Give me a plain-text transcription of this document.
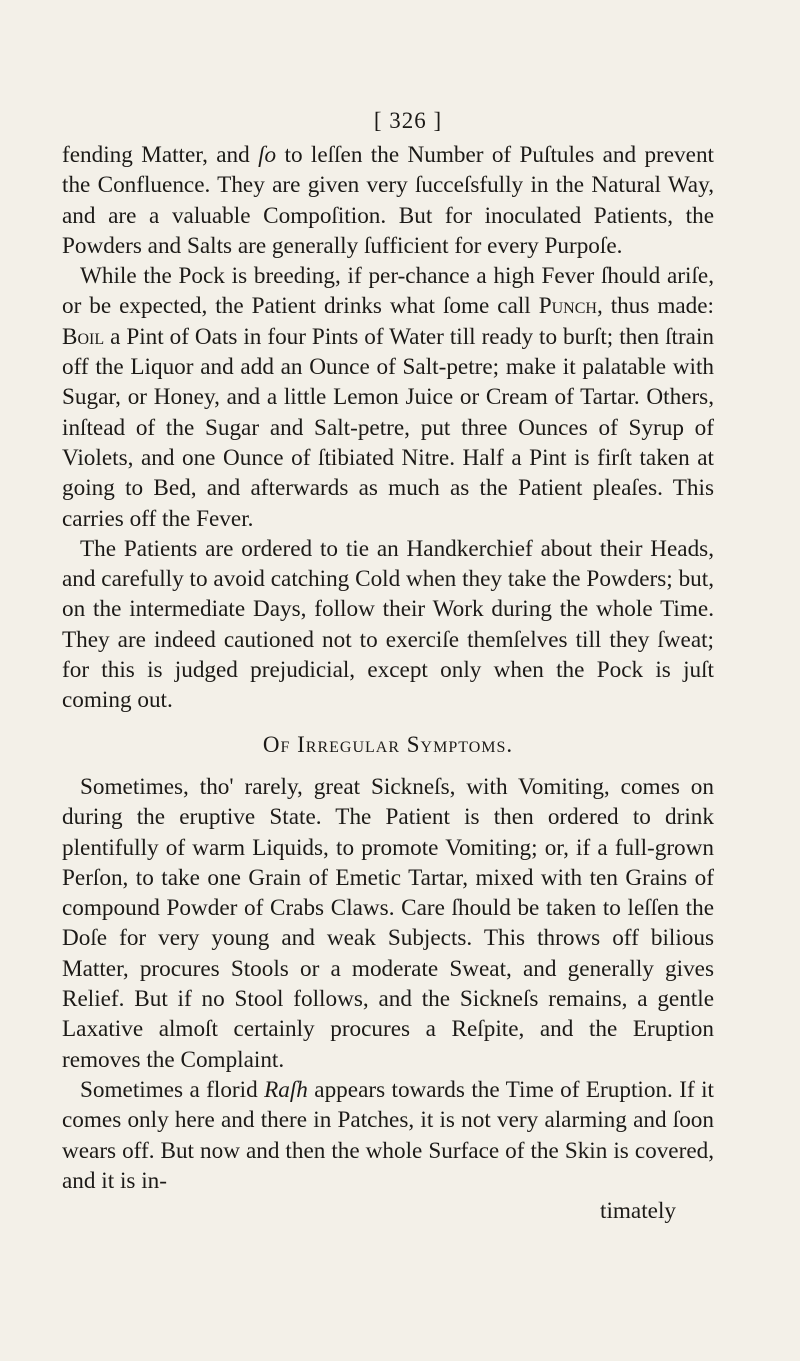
[ 326 ]

fending Matter, and ſo to leſſen the Number of Puſtules and prevent the Confluence. They are given very ſucceſsfully in the Natural Way, and are a valuable Compoſition. But for inoculated Patients, the Powders and Salts are generally ſufficient for every Purpoſe.

While the Pock is breeding, if per-chance a high Fever ſhould ariſe, or be expected, the Patient drinks what ſome call Punch, thus made: Boil a Pint of Oats in four Pints of Water till ready to burſt; then ſtrain off the Liquor and add an Ounce of Salt-petre; make it palatable with Sugar, or Honey, and a little Lemon Juice or Cream of Tartar. Others, inſtead of the Sugar and Salt-petre, put three Ounces of Syrup of Violets, and one Ounce of ſtibiated Nitre. Half a Pint is firſt taken at going to Bed, and afterwards as much as the Patient pleaſes. This carries off the Fever.

The Patients are ordered to tie an Handkerchief about their Heads, and carefully to avoid catching Cold when they take the Powders; but, on the intermediate Days, follow their Work during the whole Time. They are indeed cautioned not to exerciſe themſelves till they ſweat; for this is judged prejudicial, except only when the Pock is juſt coming out.

Of Irregular Symptoms.

Sometimes, tho' rarely, great Sickneſs, with Vomiting, comes on during the eruptive State. The Patient is then ordered to drink plentifully of warm Liquids, to promote Vomiting; or, if a full-grown Perſon, to take one Grain of Emetic Tartar, mixed with ten Grains of compound Powder of Crabs Claws. Care ſhould be taken to leſſen the Doſe for very young and weak Subjects. This throws off bilious Matter, procures Stools or a moderate Sweat, and generally gives Relief. But if no Stool follows, and the Sickneſs remains, a gentle Laxative almoſt certainly procures a Reſpite, and the Eruption removes the Complaint.

Sometimes a florid Raſh appears towards the Time of Eruption. If it comes only here and there in Patches, it is not very alarming and ſoon wears off. But now and then the whole Surface of the Skin is covered, and it is in-

timately
